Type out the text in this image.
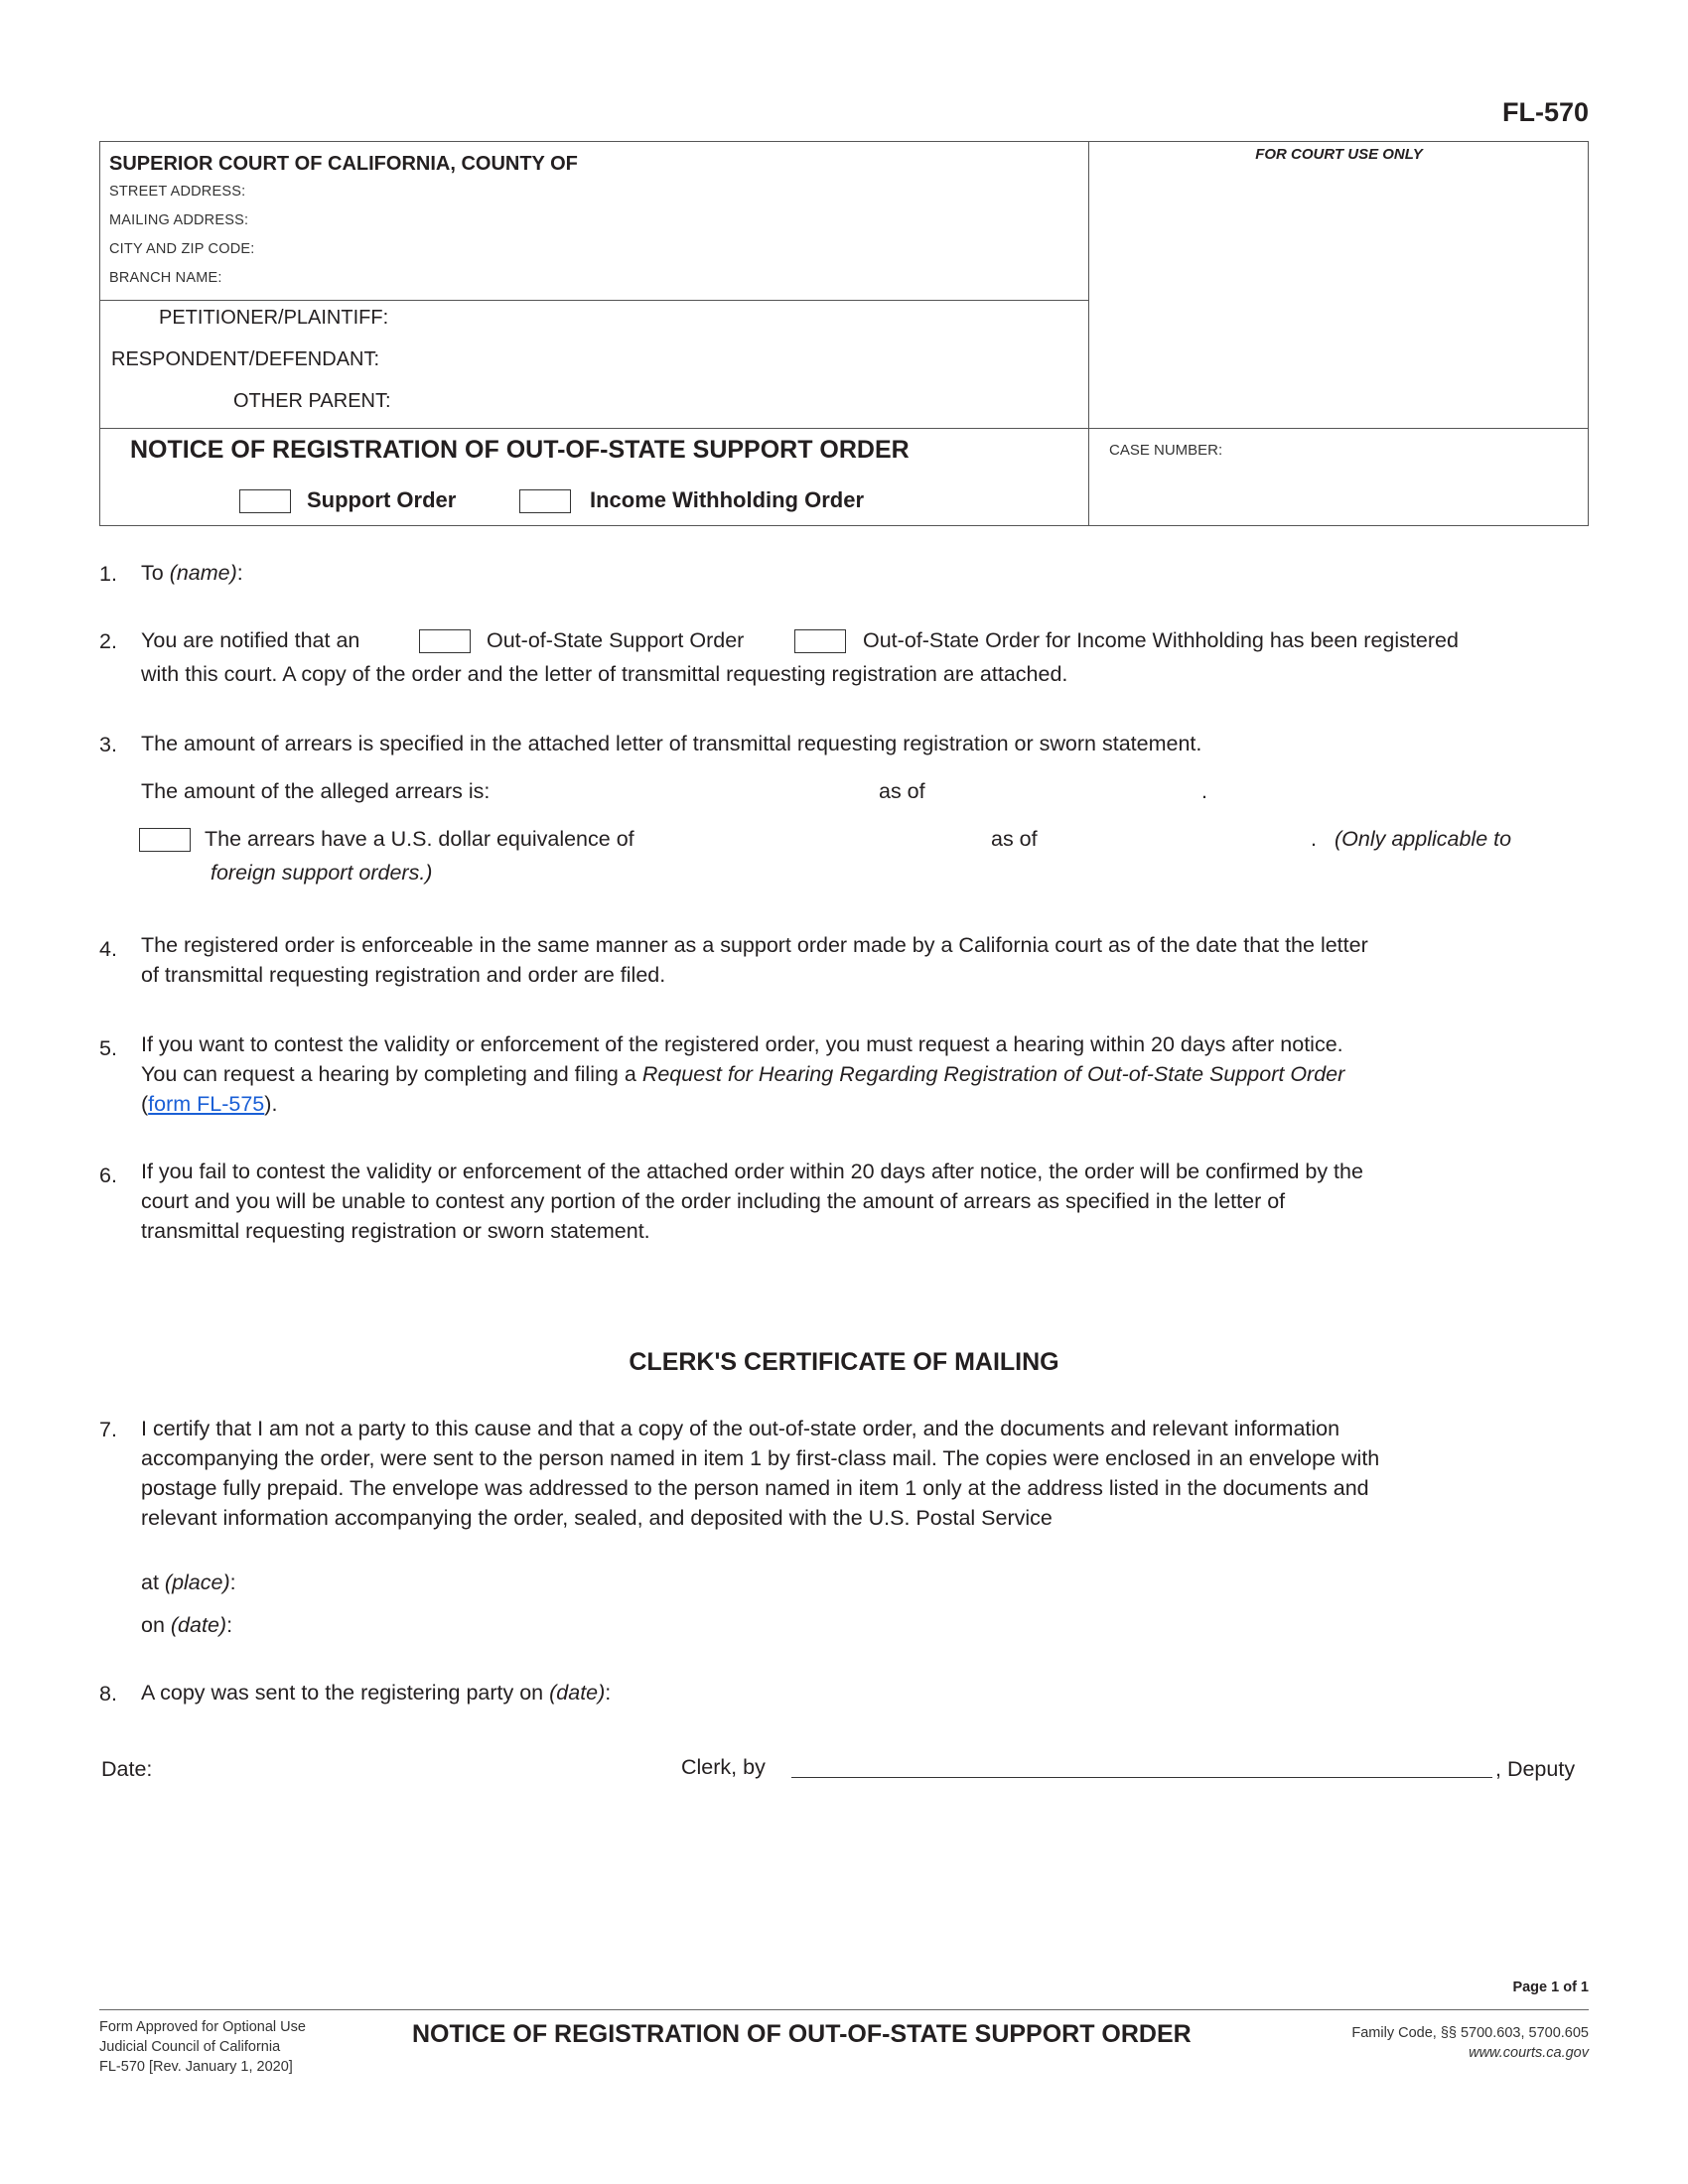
FL-570
SUPERIOR COURT OF CALIFORNIA, COUNTY OF
STREET ADDRESS:
MAILING ADDRESS:
CITY AND ZIP CODE:
BRANCH NAME:
PETITIONER/PLAINTIFF:
RESPONDENT/DEFENDANT:
OTHER PARENT:
FOR COURT USE ONLY
CASE NUMBER:
NOTICE OF REGISTRATION OF OUT-OF-STATE SUPPORT ORDER
Support Order	Income Withholding Order
1. To (name):
2. You are notified that an	Out-of-State Support Order	Out-of-State Order for Income Withholding has been registered
with this court. A copy of the order and the letter of transmittal requesting registration are attached.
3. The amount of arrears is specified in the attached letter of transmittal requesting registration or sworn statement.
The amount of the alleged arrears is:	as of	.
The arrears have a U.S. dollar equivalence of	as of	. (Only applicable to
foreign support orders.)
4. The registered order is enforceable in the same manner as a support order made by a California court as of the date that the letter
of transmittal requesting registration and order are filed.
5. If you want to contest the validity or enforcement of the registered order, you must request a hearing within 20 days after notice.
You can request a hearing by completing and filing a Request for Hearing Regarding Registration of Out-of-State Support Order
(form FL-575).
6. If you fail to contest the validity or enforcement of the attached order within 20 days after notice, the order will be confirmed by the
court and you will be unable to contest any portion of the order including the amount of arrears as specified in the letter of
transmittal requesting registration or sworn statement.
CLERK'S CERTIFICATE OF MAILING
7. I certify that I am not a party to this cause and that a copy of the out-of-state order, and the documents and relevant information
accompanying the order, were sent to the person named in item 1 by first-class mail. The copies were enclosed in an envelope with
postage fully prepaid. The envelope was addressed to the person named in item 1 only at the address listed in the documents and
relevant information accompanying the order, sealed, and deposited with the U.S. Postal Service
at (place):
on (date):
8. A copy was sent to the registering party on (date):
Date:	Clerk, by	, Deputy
Page 1 of 1
Form Approved for Optional Use
Judicial Council of California
FL-570 [Rev. January 1, 2020]
NOTICE OF REGISTRATION OF OUT-OF-STATE SUPPORT ORDER	Family Code, §§ 5700.603, 5700.605
www.courts.ca.gov
